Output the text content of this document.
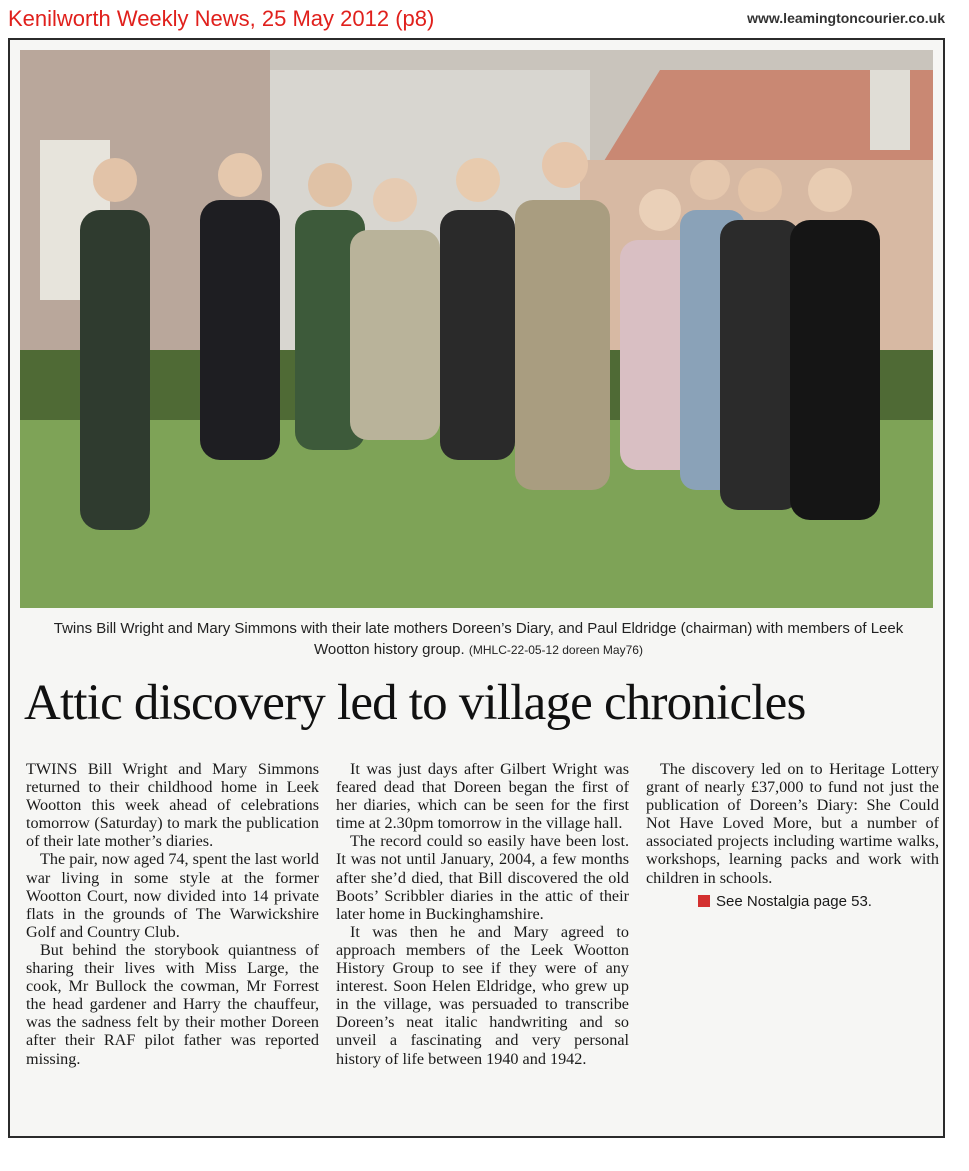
Kenilworth Weekly News, 25 May 2012 (p8)	www.leamingtoncourier.co.uk
Twins Bill Wright and Mary Simmons with their late mothers Doreen’s Diary, and Paul Eldridge (chairman) with members of Leek Wootton history group. (MHLC-22-05-12 doreen May76)
Attic discovery led to village chronicles

TWINS Bill Wright and Mary Simmons returned to their childhood home in Leek Wootton this week ahead of celebrations tomorrow (Saturday) to mark the publication of their late mother’s diaries.

The pair, now aged 74, spent the last world war living in some style at the former Wootton Court, now divided into 14 private flats in the grounds of The Warwickshire Golf and Country Club.

But behind the storybook quiantness of sharing their lives with Miss Large, the cook, Mr Bullock the cowman, Mr Forrest the head gardener and Harry the chauffeur, was the sadness felt by their mother Doreen after their RAF pilot father was reported missing.

It was just days after Gilbert Wright was feared dead that Doreen began the first of her diaries, which can be seen for the first time at 2.30pm tomorrow in the village hall.

The record could so easily have been lost. It was not until January, 2004, a few months after she’d died, that Bill discovered the old Boots’ Scribbler diaries in the attic of their later home in Buckinghamshire.

It was then he and Mary agreed to approach members of the Leek Wootton History Group to see if they were of any interest. Soon Helen Eldridge, who grew up in the village, was persuaded to transcribe Doreen’s neat italic handwriting and so unveil a fascinating and very personal history of life between 1940 and 1942.

The discovery led on to Heritage Lottery grant of nearly £37,000 to fund not just the publication of Doreen’s Diary: She Could Not Have Loved More, but a number of associated projects including wartime walks, workshops, learning packs and work with children in schools.

See Nostalgia page 53.
